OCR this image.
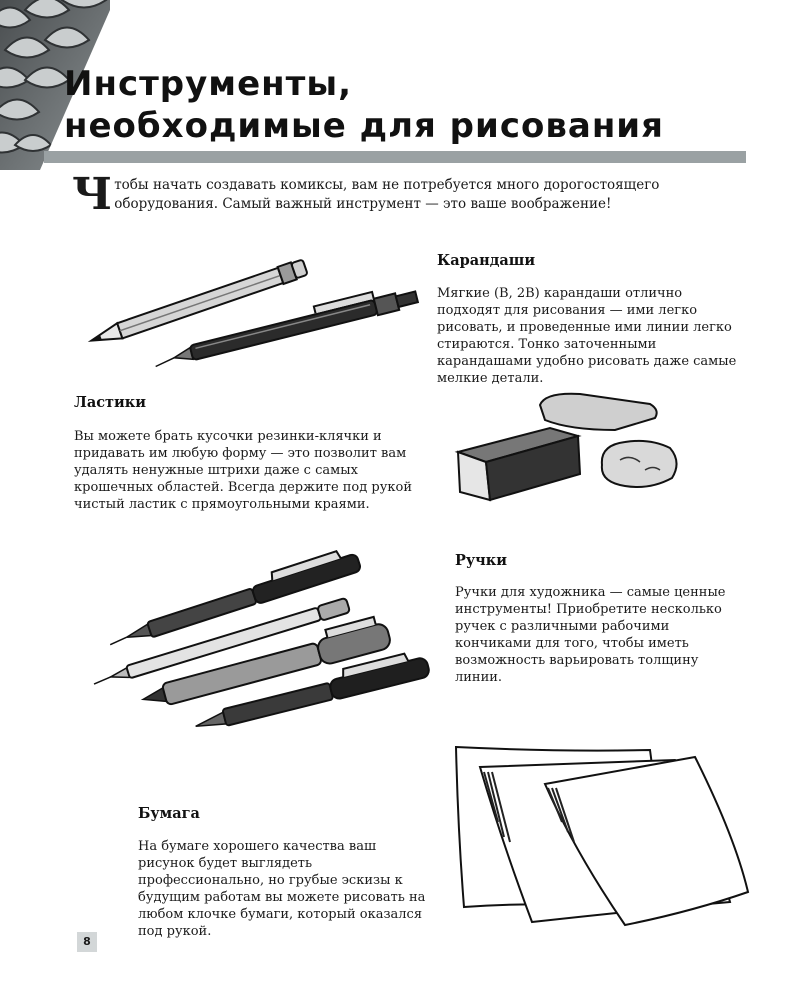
Инструменты,
необходимые для рисования
Чтобы начать создавать комиксы, вам не потребуется много дорогостоящего оборудования. Самый важный инструмент — это ваше воображение!
Карандаши
Мягкие (B, 2B) карандаши отлично подходят для рисования — ими легко рисовать, и проведенные ими линии легко стираются. Тонко заточенными карандашами удобно рисовать даже самые мелкие детали.
Ластики
Вы можете брать кусочки резинки-клячки и придавать им любую форму — это позволит вам удалять ненужные штрихи даже с самых крошечных областей. Всегда держите под рукой чистый ластик с прямоугольными краями.
Ручки
Ручки для художника — самые ценные инструменты! Приобретите несколько ручек с различными рабочими кончиками для того, чтобы иметь возможность варьировать толщину линии.
Бумага
На бумаге хорошего качества ваш рисунок будет выглядеть профессионально, но грубые эскизы к будущим работам вы можете рисовать на любом клочке бумаги, который оказался под рукой.
8
